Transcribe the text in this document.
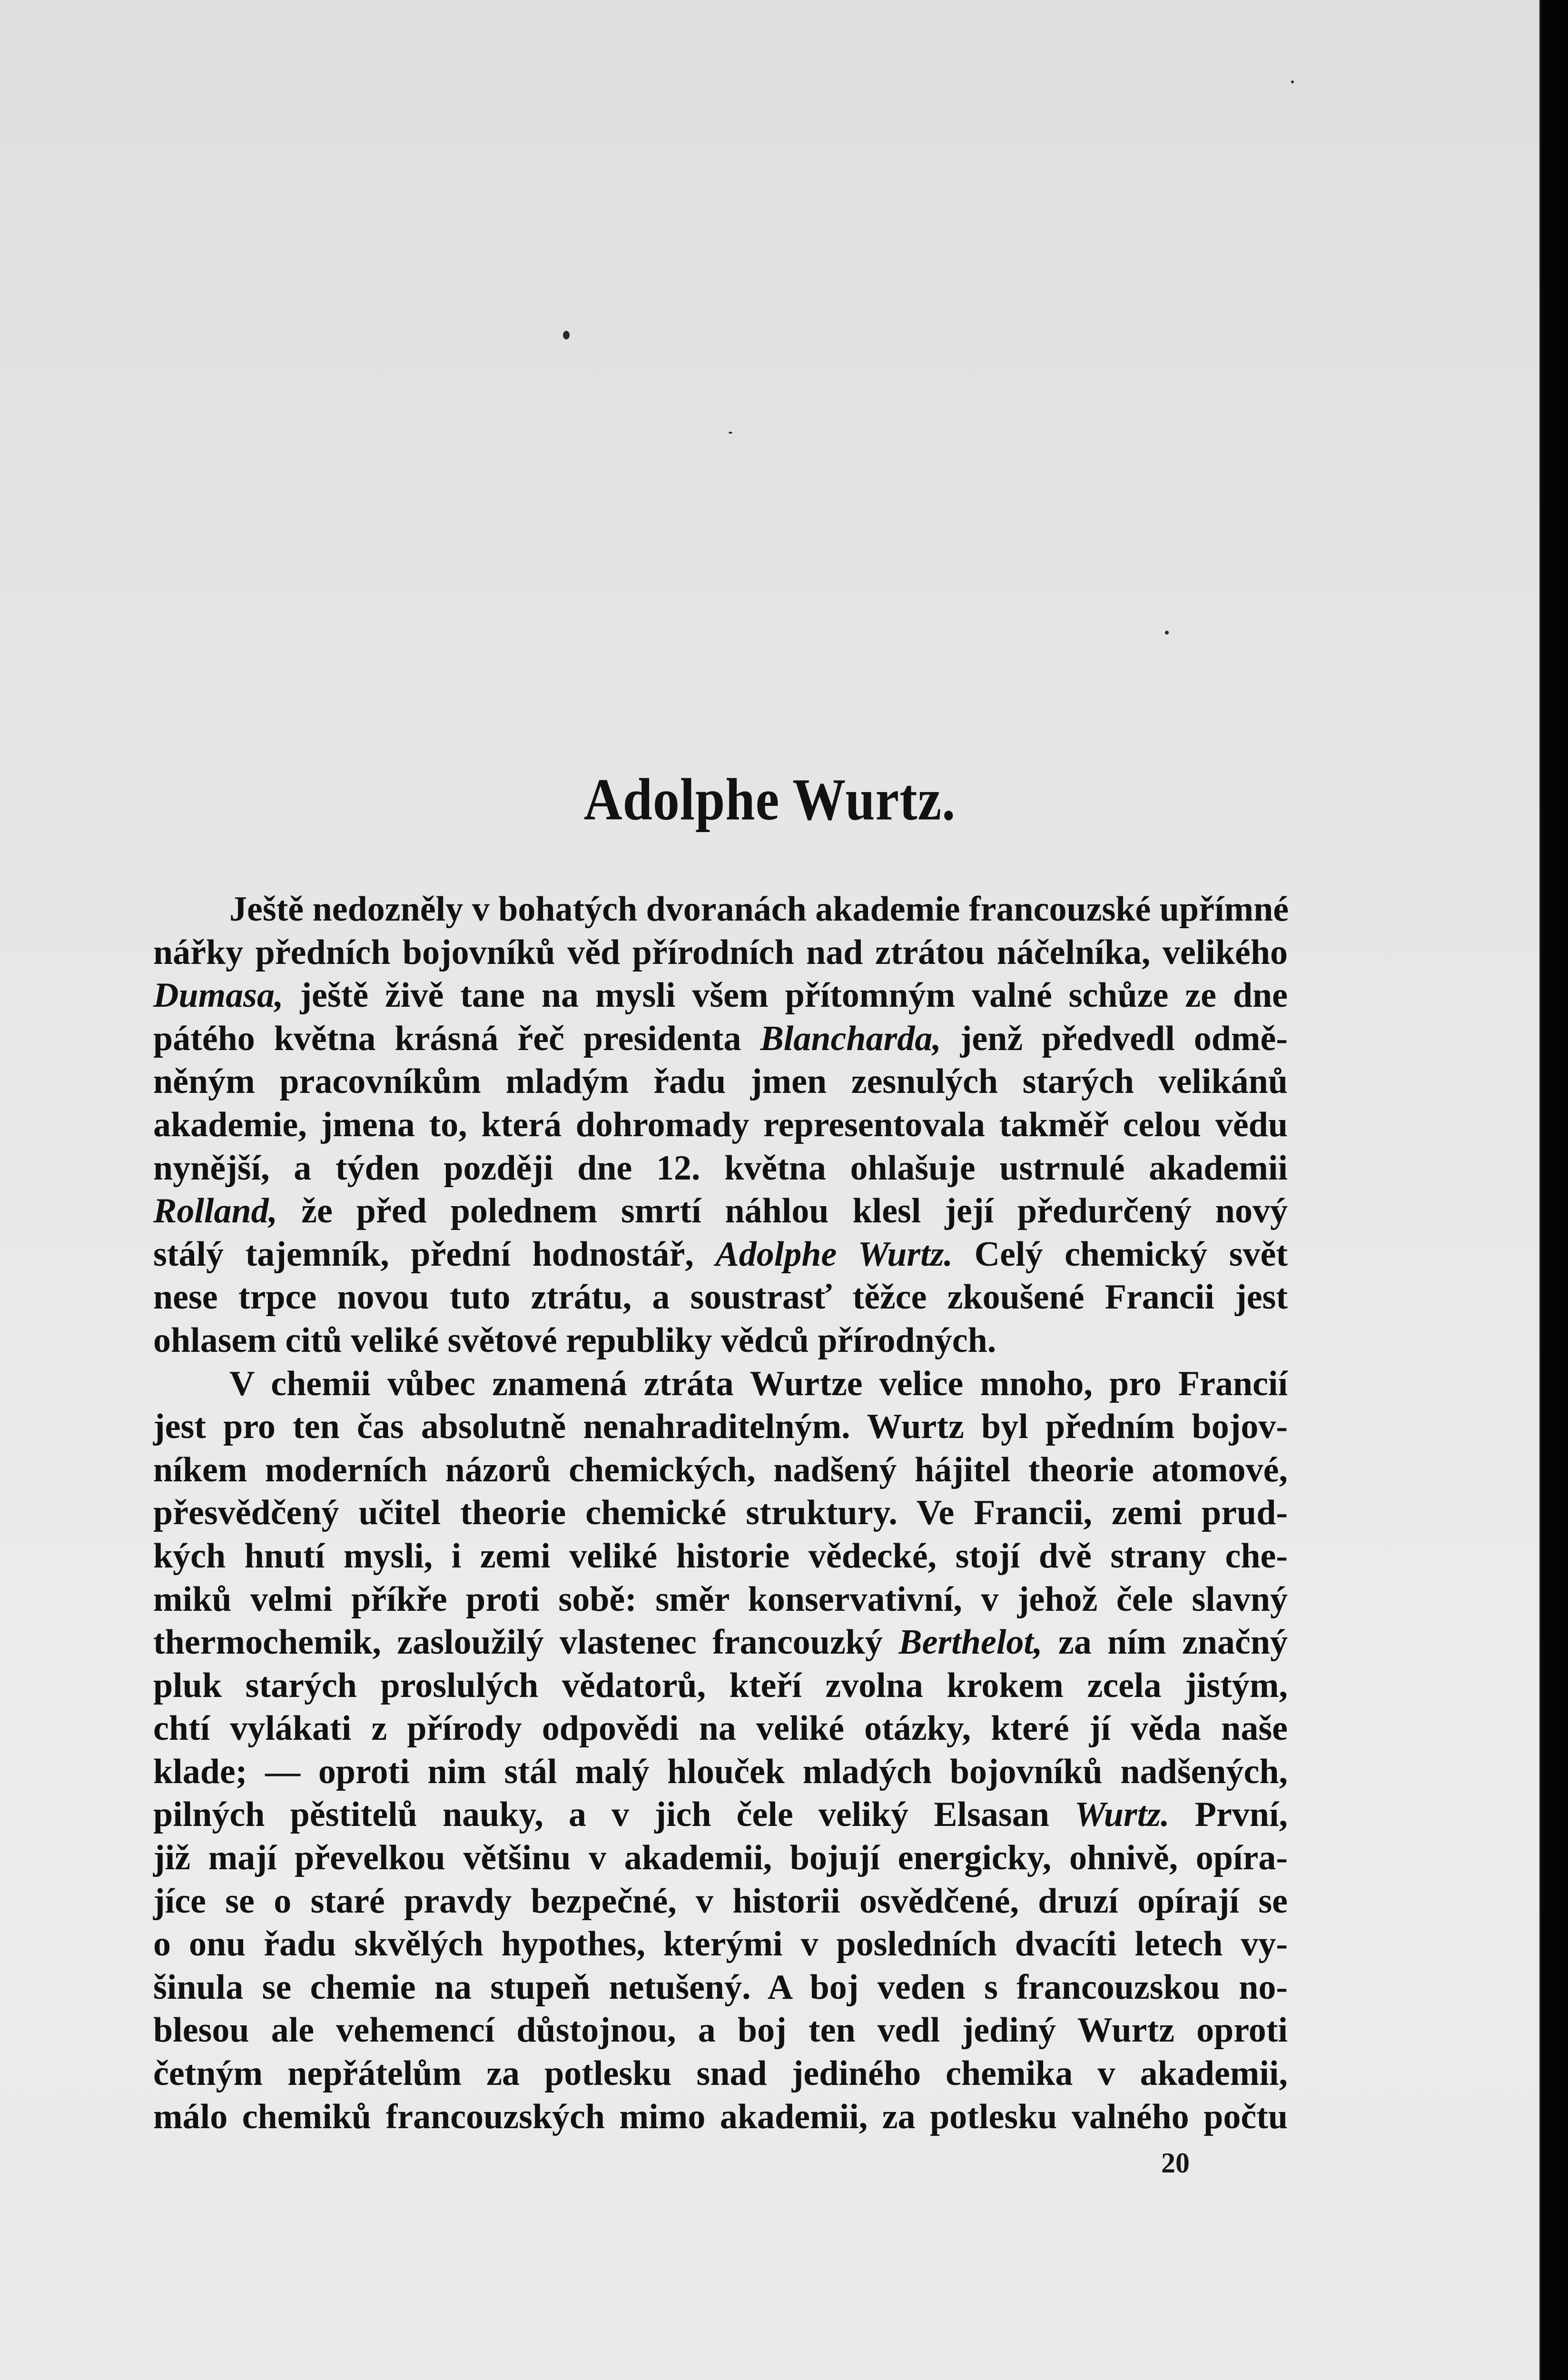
Adolphe Wurtz.
Ještě nedozněly v bohatých dvoranách akademie francouzské upřímné
nářky předních bojovníků věd přírodních nad ztrátou náčelníka, velikého
Dumasa, ještě živě tane na mysli všem přítomným valné schůze ze dne
pátého května krásná řeč presidenta Blancharda, jenž předvedl odmě-
něným pracovníkům mladým řadu jmen zesnulých starých velikánů
akademie, jmena to, která dohromady representovala takměř celou vědu
nynější, a týden později dne 12. května ohlašuje ustrnulé akademii
Rolland, že před polednem smrtí náhlou klesl její předurčený nový
stálý tajemník, přední hodnostář, Adolphe Wurtz. Celý chemický svět
nese trpce novou tuto ztrátu, a soustrasť těžce zkoušené Francii jest
ohlasem citů veliké světové republiky vědců přírodných.
V chemii vůbec znamená ztráta Wurtze velice mnoho, pro Francií
jest pro ten čas absolutně nenahraditelným. Wurtz byl předním bojov-
níkem moderních názorů chemických, nadšený hájitel theorie atomové,
přesvědčený učitel theorie chemické struktury. Ve Francii, zemi prud-
kých hnutí mysli, i zemi veliké historie vědecké, stojí dvě strany che-
miků velmi příkře proti sobě: směr konservativní, v jehož čele slavný
thermochemik, zasloužilý vlastenec francouzký Berthelot, za ním značný
pluk starých proslulých vědatorů, kteří zvolna krokem zcela jistým,
chtí vylákati z přírody odpovědi na veliké otázky, které jí věda naše
klade; — oproti nim stál malý hlouček mladých bojovníků nadšených,
pilných pěstitelů nauky, a v jich čele veliký Elsasan Wurtz. První,
již mají převelkou většinu v akademii, bojují energicky, ohnivě, opíra-
jíce se o staré pravdy bezpečné, v historii osvědčené, druzí opírají se
o onu řadu skvělých hypothes, kterými v posledních dvacíti letech vy-
šinula se chemie na stupeň netušený. A boj veden s francouzskou no-
blesou ale vehemencí důstojnou, a boj ten vedl jediný Wurtz oproti
četným nepřátelům za potlesku snad jediného chemika v akademii,
málo chemiků francouzských mimo akademii, za potlesku valného počtu
20
